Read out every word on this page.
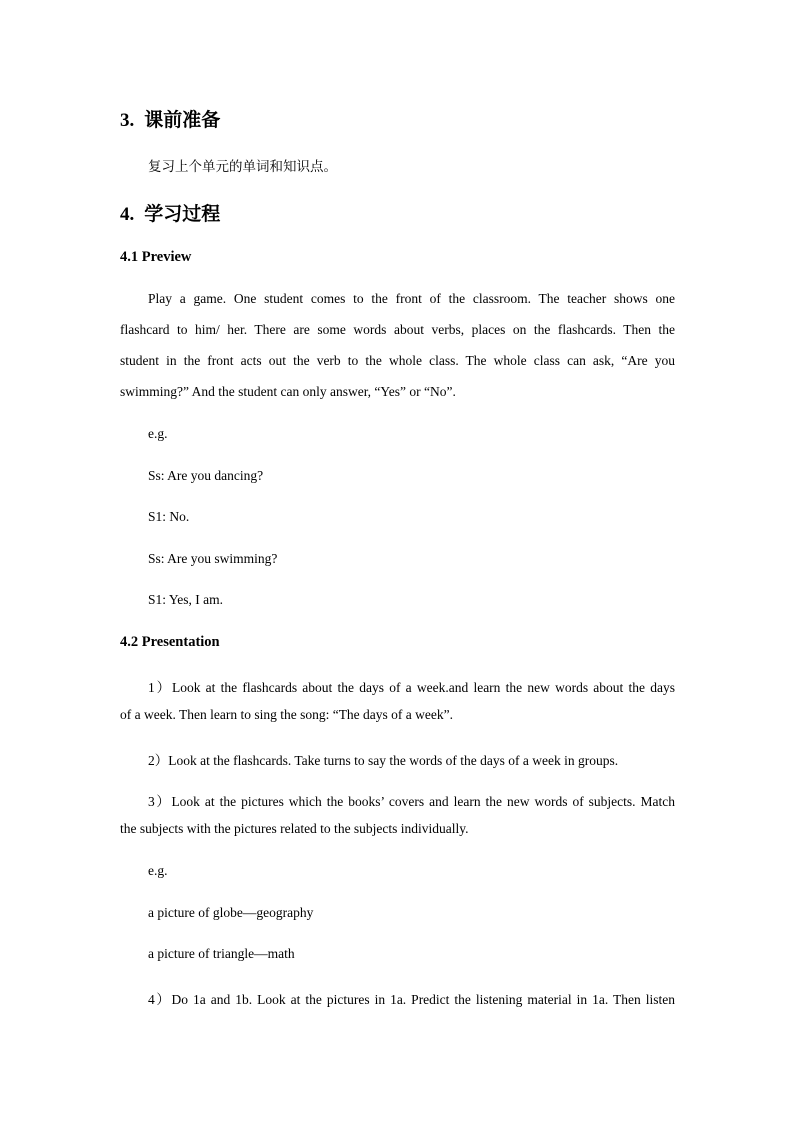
3. 课前准备
复习上个单元的单词和知识点。
4. 学习过程
4.1 Preview
Play a game. One student comes to the front of the classroom. The teacher shows one
flashcard to him/ her. There are some words about verbs, places on the flashcards. Then the
student in the front acts out the verb to the whole class. The whole class can ask, “Are you
swimming?” And the student can only answer, “Yes” or “No”.
e.g.
Ss: Are you dancing?
S1: No.
Ss: Are you swimming?
S1: Yes, I am.
4.2 Presentation
1）Look at the flashcards about the days of a week.and learn the new words about the days
of a week. Then learn to sing the song: “The days of a week”.
2）Look at the flashcards. Take turns to say the words of the days of a week in groups.
3）Look at the pictures which the books’ covers and learn the new words of subjects. Match
the subjects with the pictures related to the subjects individually.
e.g.
a picture of globe—geography
a picture of triangle—math
4）Do 1a and 1b. Look at the pictures in 1a. Predict the listening material in 1a. Then listen
